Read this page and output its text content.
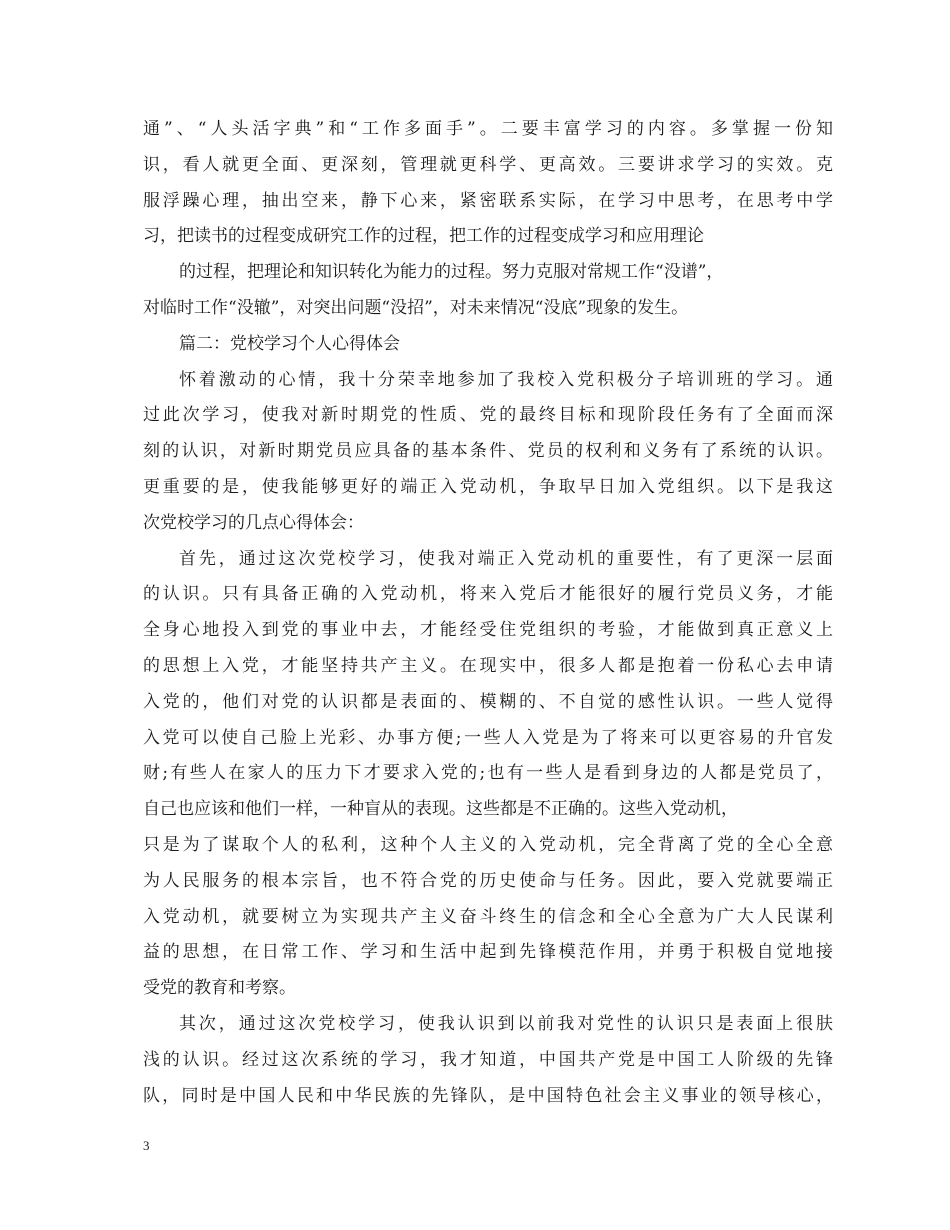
通”、“人头活字典”和“工作多面手”。二要丰富学习的内容。多掌握一份知
识，看人就更全面、更深刻，管理就更科学、更高效。三要讲求学习的实效。克
服浮躁心理，抽出空来，静下心来，紧密联系实际，在学习中思考，在思考中学
习，把读书的过程变成研究工作的过程，把工作的过程变成学习和应用理论
的过程，把理论和知识转化为能力的过程。努力克服对常规工作“没谱”，
对临时工作“没辙”，对突出问题“没招”，对未来情况“没底”现象的发生。
篇二：党校学习个人心得体会
怀着激动的心情，我十分荣幸地参加了我校入党积极分子培训班的学习。通
过此次学习，使我对新时期党的性质、党的最终目标和现阶段任务有了全面而深
刻的认识，对新时期党员应具备的基本条件、党员的权利和义务有了系统的认识。
更重要的是，使我能够更好的端正入党动机，争取早日加入党组织。以下是我这
次党校学习的几点心得体会：
首先，通过这次党校学习，使我对端正入党动机的重要性，有了更深一层面
的认识。只有具备正确的入党动机，将来入党后才能很好的履行党员义务，才能
全身心地投入到党的事业中去，才能经受住党组织的考验，才能做到真正意义上
的思想上入党，才能坚持共产主义。在现实中，很多人都是抱着一份私心去申请
入党的，他们对党的认识都是表面的、模糊的、不自觉的感性认识。一些人觉得
入党可以使自己脸上光彩、办事方便;一些人入党是为了将来可以更容易的升官发
财;有些人在家人的压力下才要求入党的;也有一些人是看到身边的人都是党员了，
自己也应该和他们一样，一种盲从的表现。这些都是不正确的。这些入党动机，
只是为了谋取个人的私利，这种个人主义的入党动机，完全背离了党的全心全意
为人民服务的根本宗旨，也不符合党的历史使命与任务。因此，要入党就要端正
入党动机，就要树立为实现共产主义奋斗终生的信念和全心全意为广大人民谋利
益的思想，在日常工作、学习和生活中起到先锋模范作用，并勇于积极自觉地接
受党的教育和考察。
其次，通过这次党校学习，使我认识到以前我对党性的认识只是表面上很肤
浅的认识。经过这次系统的学习，我才知道，中国共产党是中国工人阶级的先锋
队，同时是中国人民和中华民族的先锋队，是中国特色社会主义事业的领导核心，
3
